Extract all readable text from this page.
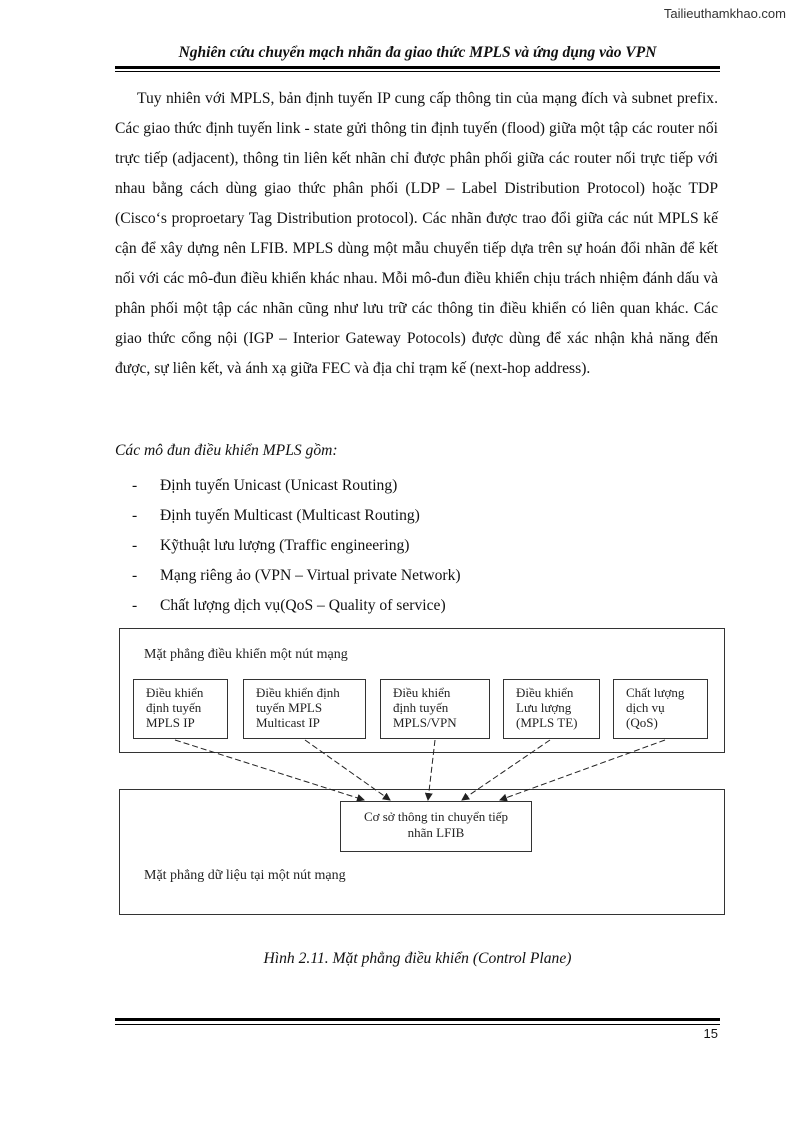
Tailieuthamkhao.com
Nghiên cứu chuyển mạch nhãn đa giao thức MPLS và ứng dụng vào VPN

Tuy nhiên với MPLS, bản định tuyến IP cung cấp thông tin của mạng đích và subnet prefix. Các giao thức định tuyến link - state gửi thông tin định tuyến (flood) giữa một tập các router nối trực tiếp (adjacent), thông tin liên kết nhãn chỉ được phân phối giữa các router nối trực tiếp với nhau bằng cách dùng giao thức phân phối (LDP – Label Distribution Protocol) hoặc TDP (Cisco‘s proproetary Tag Distribution protocol). Các nhãn được trao đổi giữa các nút MPLS kế cận để xây dựng nên LFIB. MPLS dùng một mẫu chuyển tiếp dựa trên sự hoán đổi nhãn để kết nối với các mô-đun điều khiển khác nhau. Mỗi mô-đun điều khiển chịu trách nhiệm đánh dấu và phân phối một tập các nhãn cũng như lưu trữ các thông tin điều khiển có liên quan khác. Các giao thức cổng nội (IGP – Interior Gateway Potocols) được dùng để xác nhận khả năng đến được, sự liên kết, và ánh xạ giữa FEC và địa chỉ trạm kế (next-hop address).

Các mô đun điều khiển MPLS gồm:
-	Định tuyến Unicast (Unicast Routing)
-	Định tuyến Multicast (Multicast Routing)
-	Kỹthuật lưu lượng (Traffic engineering)
-	Mạng riêng ảo (VPN – Virtual private Network)
-	Chất lượng dịch vụ(QoS – Quality of service)
Mặt phẳng điều khiển một nút mạng
Mặt phẳng dữ liệu tại một nút mạng
Điều khiển
định tuyến
MPLS IP
Điều khiển định
tuyến MPLS
Multicast IP
Điều khiển
định tuyến
MPLS/VPN
Điều khiển
Lưu lượng
(MPLS TE)
Chất lượng
dịch vụ
(QoS)
Cơ sở thông tin chuyển tiếp
nhãn LFIB
Hình 2.11. Mặt phẳng điều khiển (Control Plane)
15
